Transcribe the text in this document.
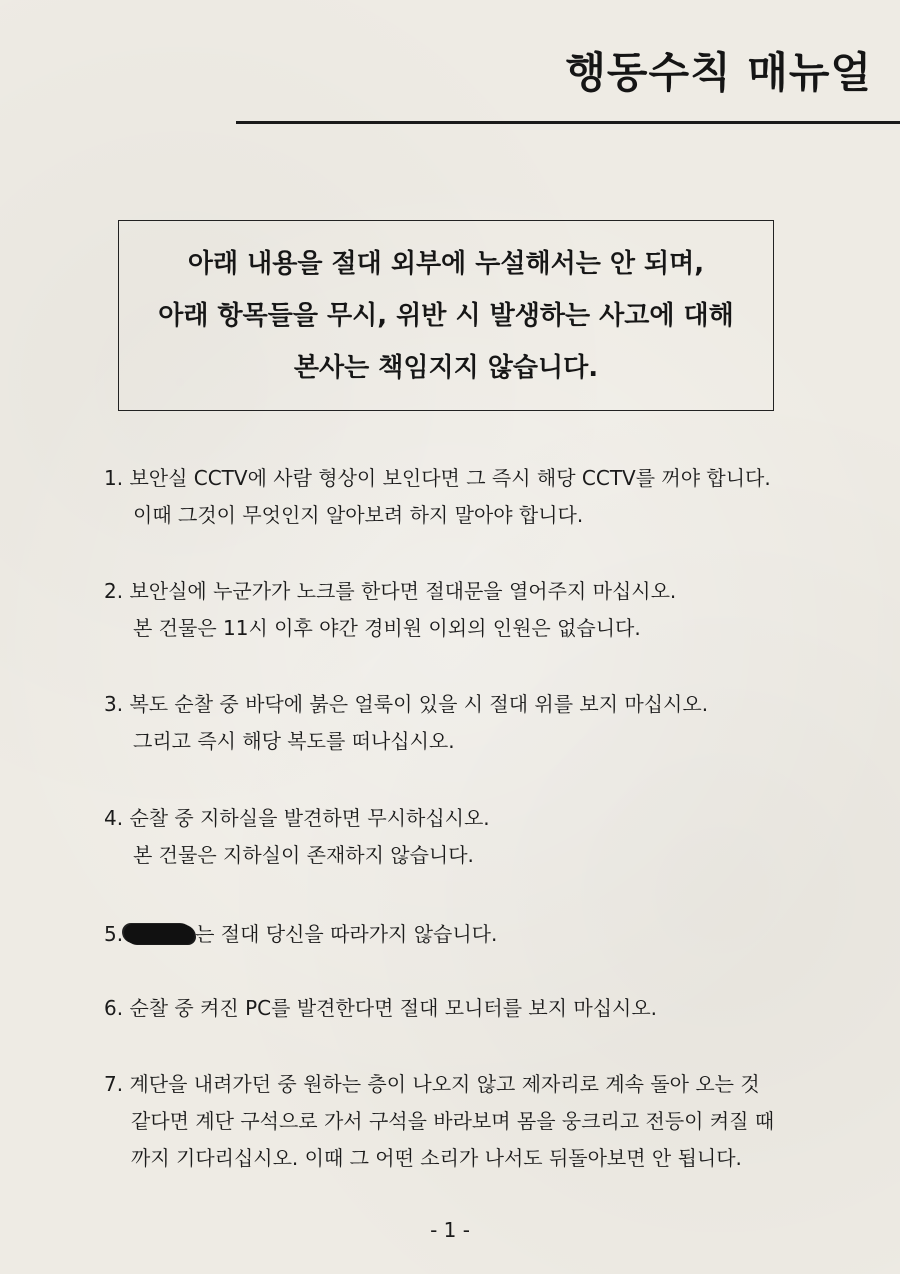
행동수칙 매뉴얼
아래 내용을 절대 외부에 누설해서는 안 되며,
아래 항목들을 무시, 위반 시 발생하는 사고에 대해
본사는 책임지지 않습니다.
1. 보안실 CCTV에 사람 형상이 보인다면 그 즉시 해당 CCTV를 꺼야 합니다.
이때 그것이 무엇인지 알아보려 하지 말아야 합니다.
2. 보안실에 누군가가 노크를 한다면 절대문을 열어주지 마십시오.
본 건물은 11시 이후 야간 경비원 이외의 인원은 없습니다.
3. 복도 순찰 중 바닥에 붉은 얼룩이 있을 시 절대 위를 보지 마십시오.
그리고 즉시 해당 복도를 떠나십시오.
4. 순찰 중 지하실을 발견하면 무시하십시오.
본 건물은 지하실이 존재하지 않습니다.
5.	는 절대 당신을 따라가지 않습니다.
6. 순찰 중 켜진 PC를 발견한다면 절대 모니터를 보지 마십시오.
7. 계단을 내려가던 중 원하는 층이 나오지 않고 제자리로 계속 돌아 오는 것
같다면 계단 구석으로 가서 구석을 바라보며 몸을 웅크리고 전등이 켜질 때
까지 기다리십시오. 이때 그 어떤 소리가 나서도 뒤돌아보면 안 됩니다.
- 1 -
